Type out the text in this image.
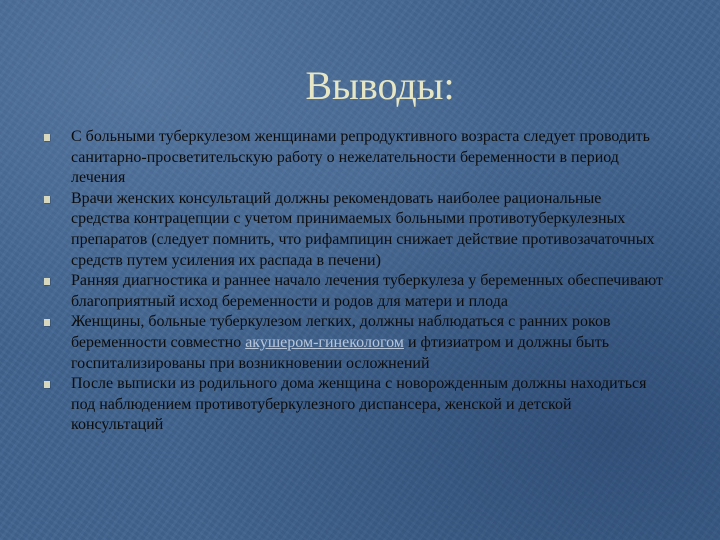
Выводы:
С больными туберкулезом женщинами репродуктивного возраста следует проводить санитарно-просветительскую работу о нежелательности беременности в период лечения
Врачи женских консультаций должны рекомендовать наиболее рациональные средства контрацепции с учетом принимаемых больными противотуберкулезных препаратов (следует помнить, что рифампицин снижает действие противозачаточных средств путем усиления их распада в печени)
Ранняя диагностика и раннее начало лечения туберкулеза у беременных обеспечивают благоприятный исход беременности и родов для матери и плода
Женщины, больные туберкулезом легких, должны наблюдаться с ранних роков беременности совместно акушером-гинекологом и фтизиатром и должны быть госпитализированы при возникновении осложнений
После выписки из родильного дома женщина с новорожденным должны находиться под наблюдением противотуберкулезного диспансера, женской и детской консультаций
